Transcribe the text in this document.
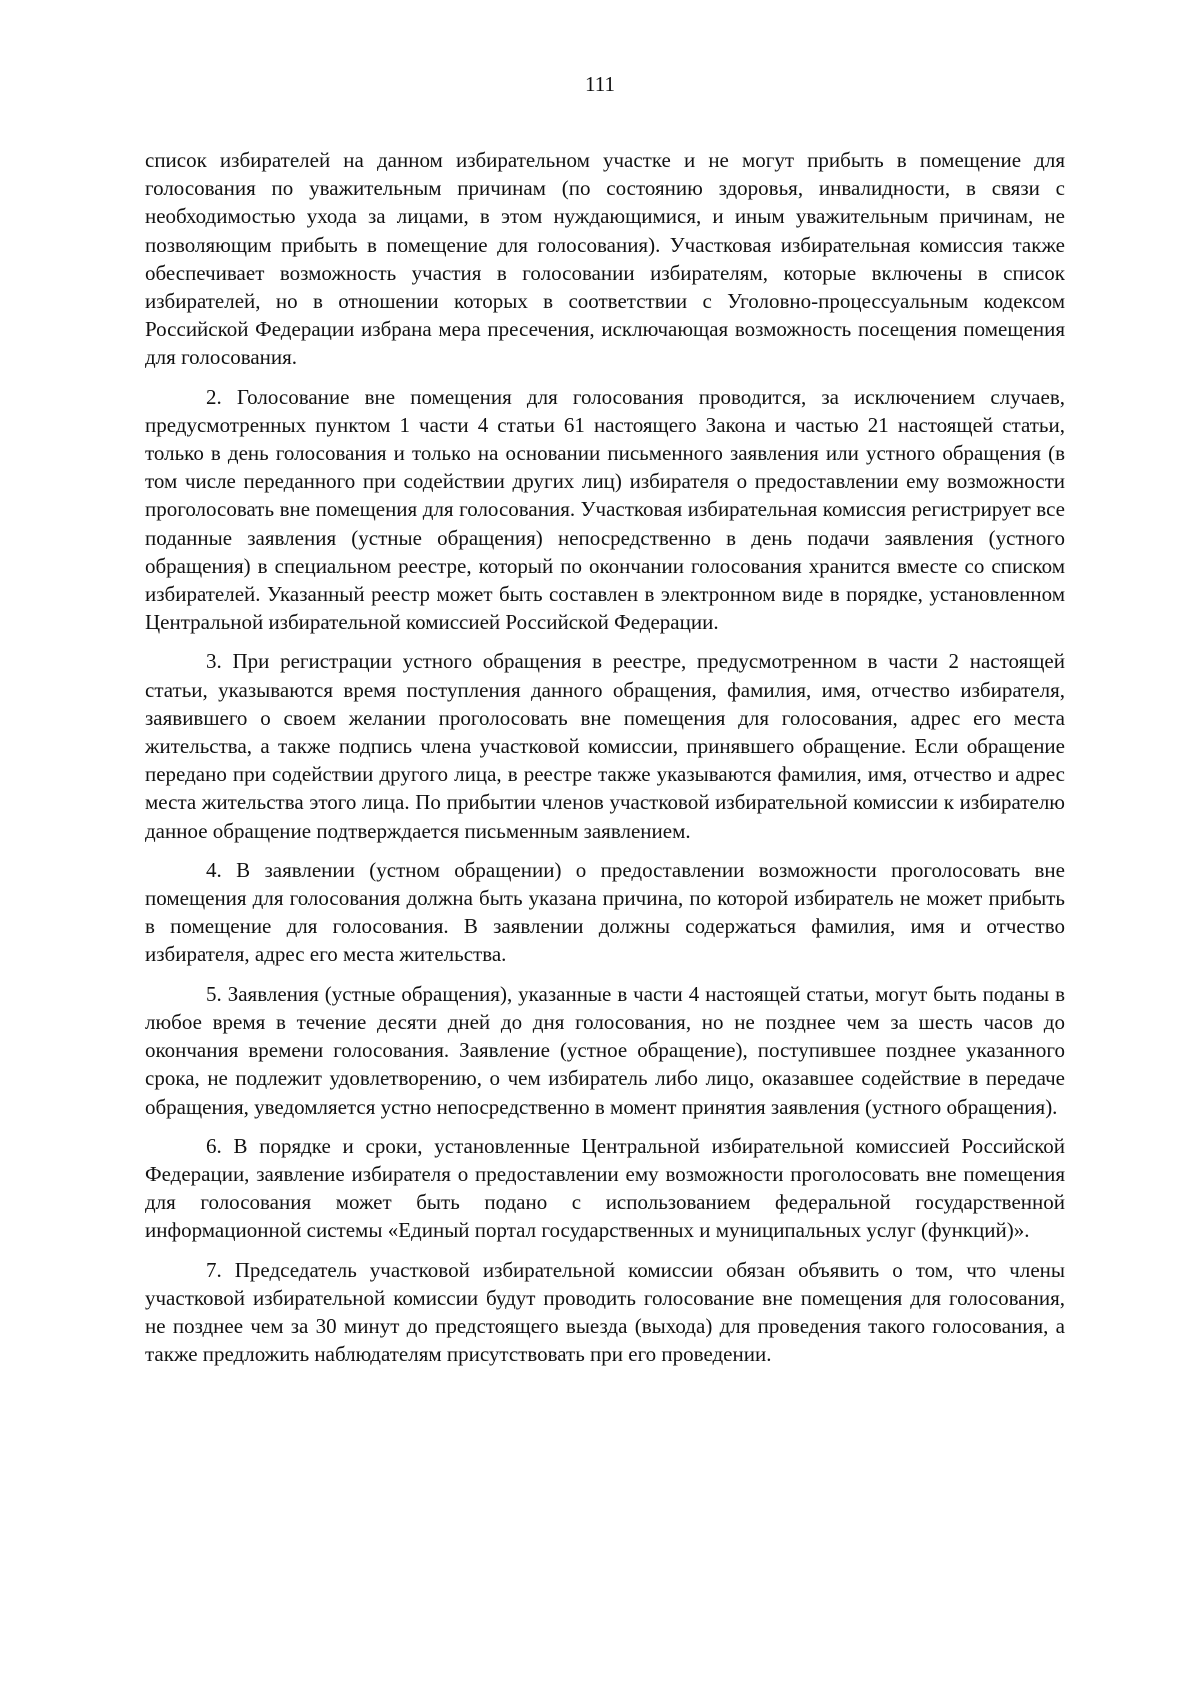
111

список избирателей на данном избирательном участке и не могут прибыть в помещение для голосования по уважительным причинам (по состоянию здоровья, инвалидности, в связи с необходимостью ухода за лицами, в этом нуждающимися, и иным уважительным причинам, не позволяющим прибыть в помещение для голосования). Участковая избирательная комиссия также обеспечивает возможность участия в голосовании избирателям, которые включены в список избирателей, но в отношении которых в соответствии с Уголовно-процессуальным кодексом Российской Федерации избрана мера пресечения, исключающая возможность посещения помещения для голосования.

2. Голосование вне помещения для голосования проводится, за исключением случаев, предусмотренных пунктом 1 части 4 статьи 61 настоящего Закона и частью 21 настоящей статьи, только в день голосования и только на основании письменного заявления или устного обращения (в том числе переданного при содействии других лиц) избирателя о предоставлении ему возможности проголосовать вне помещения для голосования. Участковая избирательная комиссия регистрирует все поданные заявления (устные обращения) непосредственно в день подачи заявления (устного обращения) в специальном реестре, который по окончании голосования хранится вместе со списком избирателей. Указанный реестр может быть составлен в электронном виде в порядке, установленном Центральной избирательной комиссией Российской Федерации.

3. При регистрации устного обращения в реестре, предусмотренном в части 2 настоящей статьи, указываются время поступления данного обращения, фамилия, имя, отчество избирателя, заявившего о своем желании проголосовать вне помещения для голосования, адрес его места жительства, а также подпись члена участковой комиссии, принявшего обращение. Если обращение передано при содействии другого лица, в реестре также указываются фамилия, имя, отчество и адрес места жительства этого лица. По прибытии членов участковой избирательной комиссии к избирателю данное обращение подтверждается письменным заявлением.

4. В заявлении (устном обращении) о предоставлении возможности проголосовать вне помещения для голосования должна быть указана причина, по которой избиратель не может прибыть в помещение для голосования. В заявлении должны содержаться фамилия, имя и отчество избирателя, адрес его места жительства.

5. Заявления (устные обращения), указанные в части 4 настоящей статьи, могут быть поданы в любое время в течение десяти дней до дня голосования, но не позднее чем за шесть часов до окончания времени голосования. Заявление (устное обращение), поступившее позднее указанного срока, не подлежит удовлетворению, о чем избиратель либо лицо, оказавшее содействие в передаче обращения, уведомляется устно непосредственно в момент принятия заявления (устного обращения).

6. В порядке и сроки, установленные Центральной избирательной комиссией Российской Федерации, заявление избирателя о предоставлении ему возможности проголосовать вне помещения для голосования может быть подано с использованием федеральной государственной информационной системы «Единый портал государственных и муниципальных услуг (функций)».

7. Председатель участковой избирательной комиссии обязан объявить о том, что члены участковой избирательной комиссии будут проводить голосование вне помещения для голосования, не позднее чем за 30 минут до предстоящего выезда (выхода) для проведения такого голосования, а также предложить наблюдателям присутствовать при его проведении.
